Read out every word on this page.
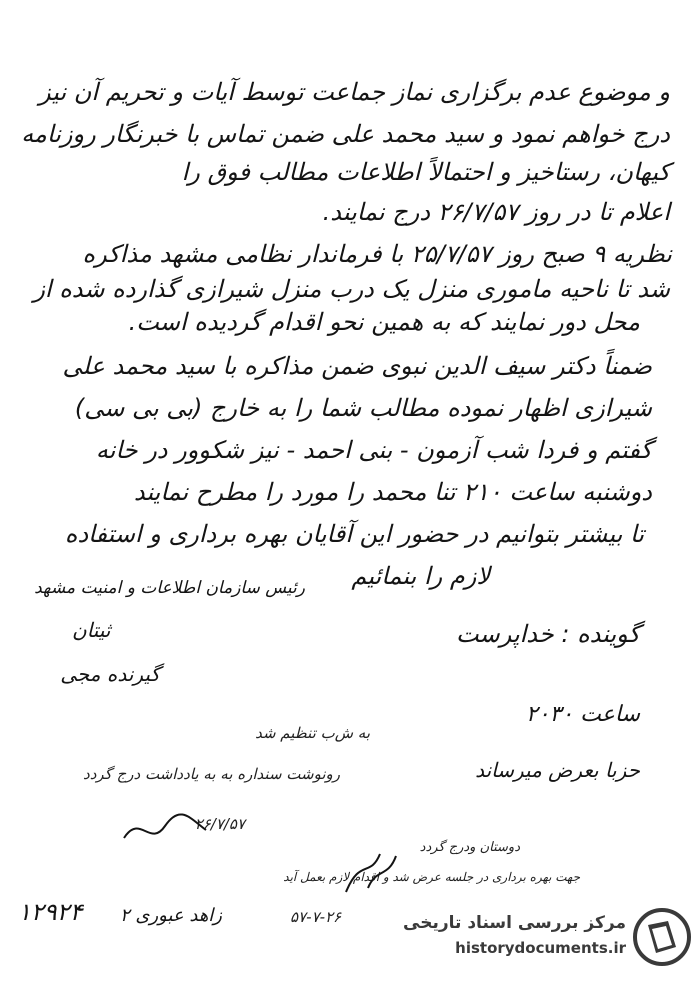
و موضوع عدم برگزاری نماز جماعت توسط آیات و تحریم آن نیز
درج خواهم نمود و سید محمد علی ضمن تماس با خبرنگار روزنامه
کیهان، رستاخیز و احتمالاً اطلاعات مطالب فوق را
اعلام تا در روز ۲۶/۷/۵۷ درج نمایند.
نظریه ۹ صبح روز ۲۵/۷/۵۷ با فرماندار نظامی مشهد مذاکره
شد تا ناحیه ماموری منزل یک درب منزل شیرازی گذارده شده از
محل دور نمایند که به همین نحو اقدام گردیده است.
ضمناً دکتر سیف الدین نبوی ضمن مذاکره با سید محمد علی
شیرازی اظهار نموده مطالب شما را به خارج (بی بی سی)
گفتم و فردا شب آزمون - بنی احمد - نیز شکوور در خانه
دوشنبه ساعت ۲۱۰ تنا محمد را مورد را مطرح نمایند
تا بیشتر بتوانیم در حضور این آقایان بهره برداری و استفاده
لازم را بنمائیم
رئیس سازمان اطلاعات و امنیت مشهد
ثیتان	گوینده : خداپرست
گیرنده مجی
ساعت ۲۰۳۰
به ش‌ب تنظیم شد
رونوشت سنداره به به یادداشت درج گردد	حزبا بعرض میرساند
۲۶/۷/۵۷
دوستان ودرج گردد
جهت بهره برداری در جلسه عرض شد و اقدام لازم بعمل آید
۱۲۹۲۴ زاهد عبوری ۲	۵۷-۷-۲۶	مرکز بررسی اسناد تاریخی
historydocuments.ir
